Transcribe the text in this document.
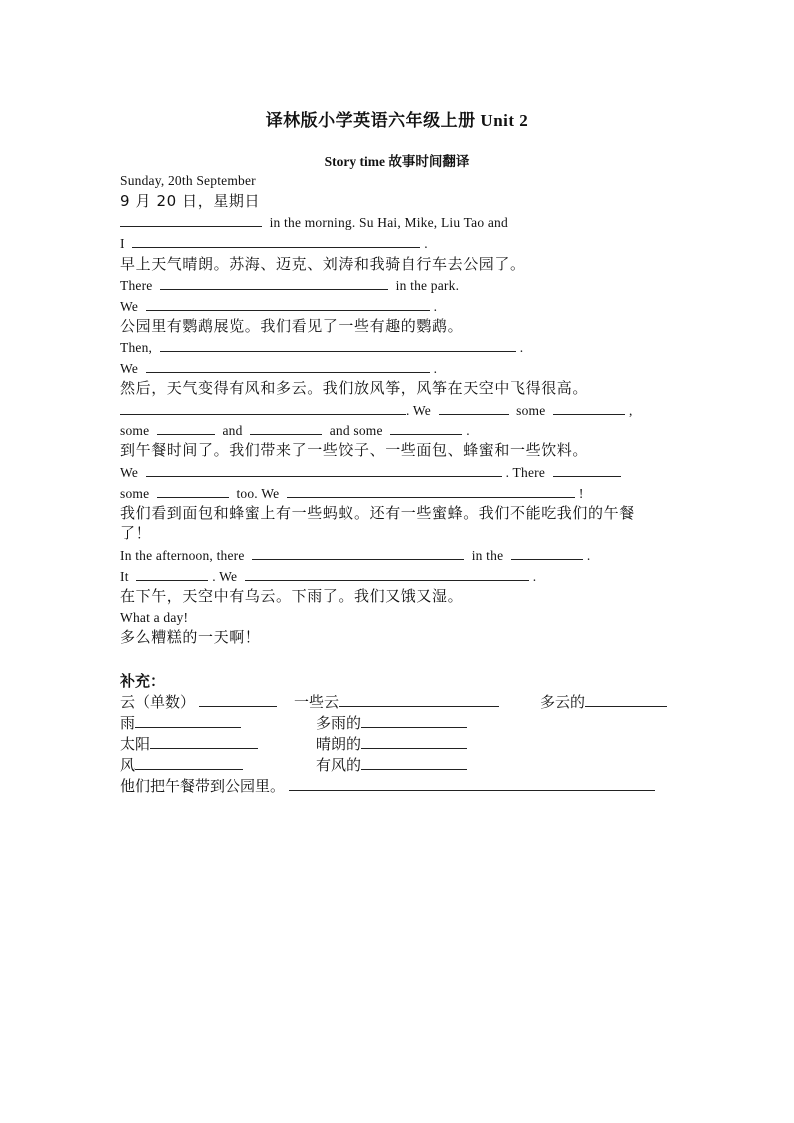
译林版小学英语六年级上册 Unit 2
Story time 故事时间翻译
Sunday, 20th September
9 月 20 日，星期日
in the morning. Su Hai, Mike, Liu Tao and
I	.
早上天气晴朗。苏海、迈克、刘涛和我骑自行车去公园了。
There	in the park.
We	.
公园里有鹦鹉展览。我们看见了一些有趣的鹦鹉。
Then,	.
We	.
然后，天气变得有风和多云。我们放风筝，风筝在天空中飞得很高。
. We	some	,
some	and	and some	.
到午餐时间了。我们带来了一些饺子、一些面包、蜂蜜和一些饮料。
We	. There
some	too. We	!
我们看到面包和蜂蜜上有一些蚂蚁。还有一些蜜蜂。我们不能吃我们的午餐
了！
In the afternoon, there	in the	.
It	. We	.
在下午，天空中有乌云。下雨了。我们又饿又湿。
What a day!
多么糟糕的一天啊！
补充：
云（单数）	一些云	多云的
雨	多雨的
太阳	晴朗的
风	有风的
他们把午餐带到公园里。
